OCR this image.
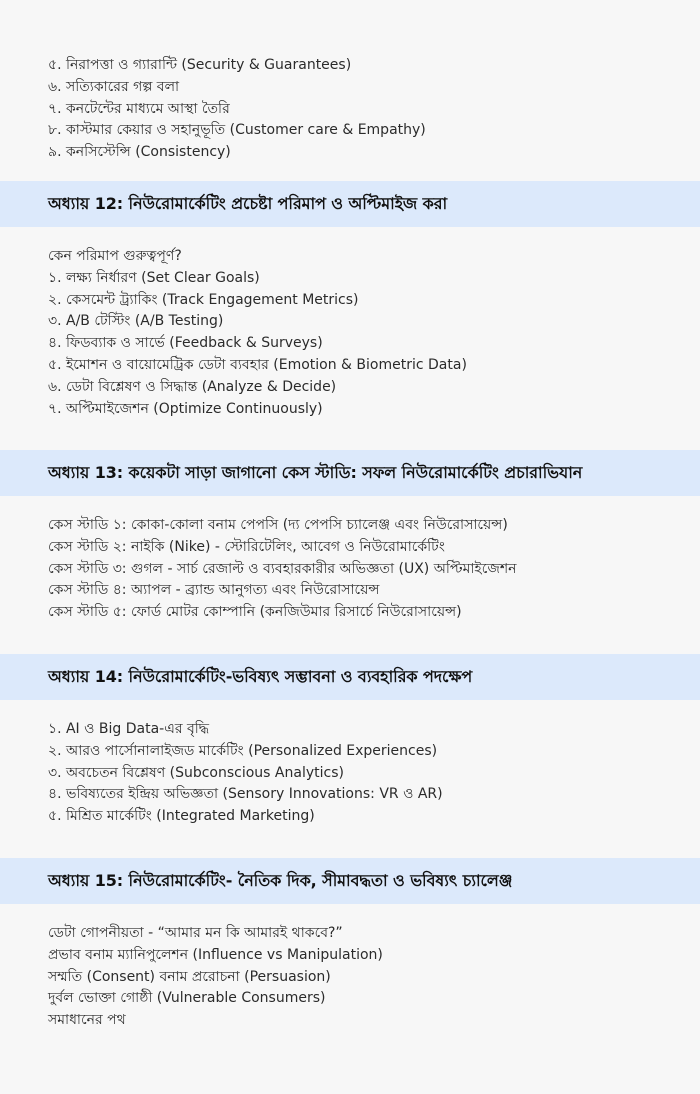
৫. নিরাপত্তা ও গ্যারান্টি (Security & Guarantees)
৬. সত্যিকারের গল্প বলা
৭. কনটেন্টের মাধ্যমে আস্থা তৈরি
৮. কাস্টমার কেয়ার ও সহানুভূতি (Customer care & Empathy)
৯. কনসিস্টেন্সি (Consistency)
অধ্যায় 12: নিউরোমার্কেটিং প্রচেষ্টা পরিমাপ ও অপ্টিমাইজ করা
কেন পরিমাপ গুরুত্বপূর্ণ?
১. লক্ষ্য নির্ধারণ (Set Clear Goals)
২. কেসমেন্ট ট্র্যাকিং (Track Engagement Metrics)
৩. A/B টেস্টিং (A/B Testing)
৪. ফিডব্যাক ও সার্ভে (Feedback & Surveys)
৫. ইমোশন ও বায়োমেট্রিক ডেটা ব্যবহার (Emotion & Biometric Data)
৬. ডেটা বিশ্লেষণ ও সিদ্ধান্ত (Analyze & Decide)
৭. অপ্টিমাইজেশন (Optimize Continuously)
অধ্যায় 13: কয়েকটা সাড়া জাগানো কেস স্টাডি: সফল নিউরোমার্কেটিং প্রচারাভিযান
কেস স্টাডি ১: কোকা-কোলা বনাম পেপসি (দ্য পেপসি চ্যালেঞ্জ এবং নিউরোসায়েন্স)
কেস স্টাডি ২: নাইকি (Nike) - স্টোরিটেলিং, আবেগ ও নিউরোমার্কেটিং
কেস স্টাডি ৩: গুগল - সার্চ রেজাল্ট ও ব্যবহারকারীর অভিজ্ঞতা (UX) অপ্টিমাইজেশন
কেস স্টাডি ৪: অ্যাপল - ব্র্যান্ড আনুগত্য এবং নিউরোসায়েন্স
কেস স্টাডি ৫: ফোর্ড মোটর কোম্পানি (কনজিউমার রিসার্চে নিউরোসায়েন্স)
অধ্যায় 14: নিউরোমার্কেটিং-ভবিষ্যৎ সম্ভাবনা ও ব্যবহারিক পদক্ষেপ
১. AI ও Big Data-এর বৃদ্ধি
২. আরও পার্সোনালাইজড মার্কেটিং (Personalized Experiences)
৩. অবচেতন বিশ্লেষণ (Subconscious Analytics)
৪. ভবিষ্যতের ইন্দ্রিয় অভিজ্ঞতা (Sensory Innovations: VR ও AR)
৫. মিশ্রিত মার্কেটিং (Integrated Marketing)
অধ্যায় 15: নিউরোমার্কেটিং- নৈতিক দিক, সীমাবদ্ধতা ও ভবিষ্যৎ চ্যালেঞ্জ
ডেটা গোপনীয়তা - “আমার মন কি আমারই থাকবে?”
প্রভাব বনাম ম্যানিপুলেশন (Influence vs Manipulation)
সম্মতি (Consent) বনাম প্ররোচনা (Persuasion)
দুর্বল ভোক্তা গোষ্ঠী (Vulnerable Consumers)
সমাধানের পথ
